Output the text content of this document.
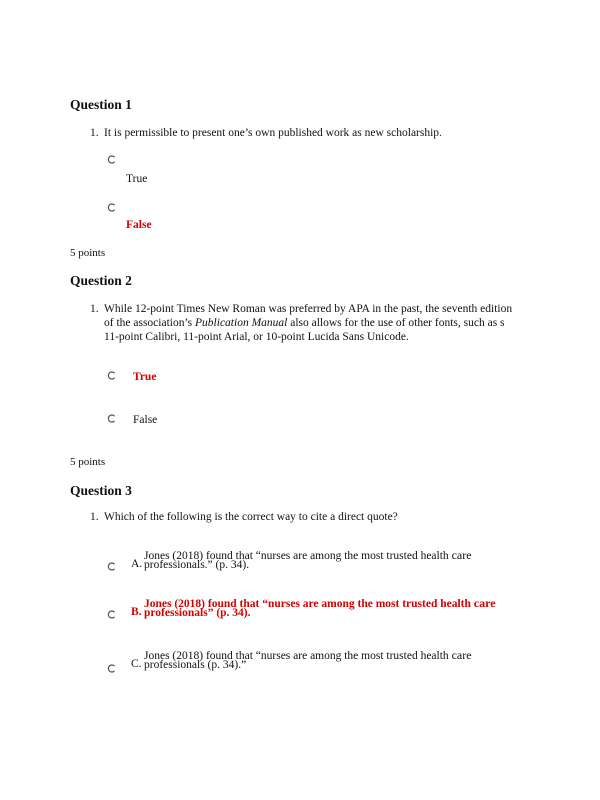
Question 1
1. It is permissible to present one’s own published work as new scholarship.
True
False
5 points
Question 2
1. While 12-point Times New Roman was preferred by APA in the past, the seventh edition
of the association’s Publication Manual also allows for the use of other fonts, such as s
11-point Calibri, 11-point Arial, or 10-point Lucida Sans Unicode.
True
False
5 points
Question 3
1. Which of the following is the correct way to cite a direct quote?
A.
Jones (2018) found that “nurses are among the most trusted health care
professionals.” (p. 34).
B.
Jones (2018) found that “nurses are among the most trusted health care
professionals” (p. 34).
C.
Jones (2018) found that “nurses are among the most trusted health care
professionals (p. 34).”
